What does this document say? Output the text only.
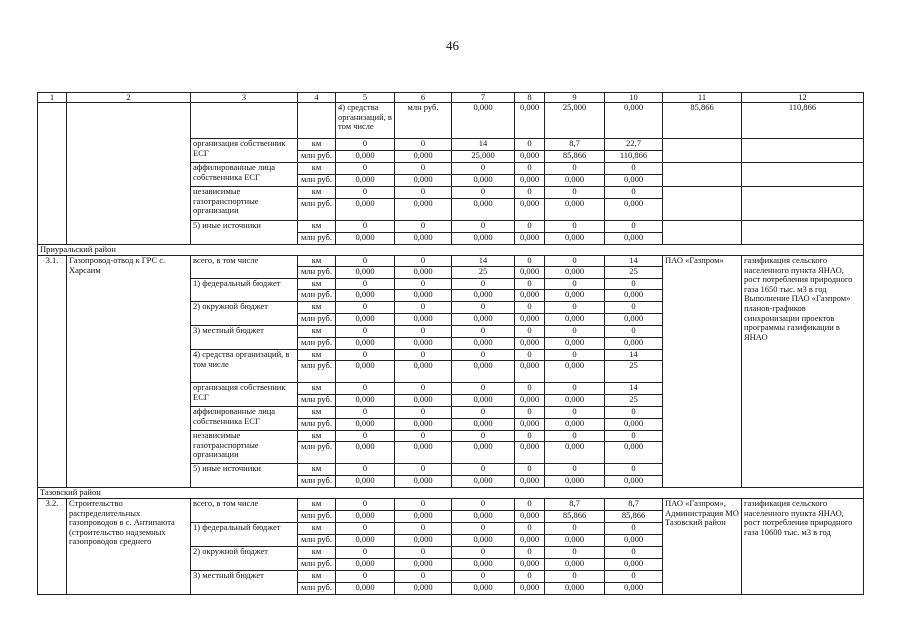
46
1	2	3	4	5	6	7	8	9	10	11	12
				4) средства организаций, в том числе	млн руб.	0,000	0,000	25,000	0,000	85,866	110,866
		организация собственник ЕСГ	км	0	0	14	0	8,7	22,7		
			млн руб.	0,000	0,000	25,000	0,000	85,866	110,866		
		аффилированные лица собственника ЕСГ	км	0	0	0	0	0	0		
			млн руб.	0,000	0,000	0,000	0,000	0,000	0,000		
		независимые газотранспортные организации	км	0	0	0	0	0	0		
			млн руб.	0,000	0,000	0,000	0,000	0,000	0,000		
		5) иные источники	км	0	0	0	0	0	0		
			млн руб.	0,000	0,000	0,000	0,000	0,000	0,000		
Приуральский район											
3.1.	Газопровод-отвод к ГРС с. Харсаим	всего, в том числе	км	0	0	14	0	0	14	ПАО «Газпром»	газификация сельского населенного пункта ЯНАО, рост потребления природного газа 1650 тыс. м3 в год Выполнение ПАО «Газпром» планов-графиков синхронизации проектов программы газификации в ЯНАО
			млн руб.	0,000	0,000	25	0,000	0,000	25		
		1) федеральный бюджет	км	0	0	0	0	0	0		
			млн руб.	0,000	0,000	0,000	0,000	0,000	0,000		
		2) окружной бюджет	км	0	0	0	0	0	0		
			млн руб.	0,000	0,000	0,000	0,000	0,000	0,000		
		3) местный бюджет	км	0	0	0	0	0	0		
			млн руб.	0,000	0,000	0,000	0,000	0,000	0,000		
		4) средства организаций, в том числе	км	0	0	0	0	0	14		
			млн руб.	0,000	0,000	0,000	0,000	0,000	25		
		организация собственник ЕСГ	км	0	0	0	0	0	14		
			млн руб.	0,000	0,000	0,000	0,000	0,000	25		
		аффилированные лица собственника ЕСГ	км	0	0	0	0	0	0		
			млн руб.	0,000	0,000	0,000	0,000	0,000	0,000		
		независимые газотранспортные организации	км	0	0	0	0	0	0		
			млн руб.	0,000	0,000	0,000	0,000	0,000	0,000		
		5) иные источники	км	0	0	0	0	0	0		
			млн руб.	0,000	0,000	0,000	0,000	0,000	0,000		
Тазовский район											
3.2.	Строительство распределительных газопроводов в с. Антипаюта (строительство надземных газопроводов среднего	всего, в том числе	км	0	0	0	0	8,7	8,7	ПАО «Газпром», Администрация МО Тазовский район	газификация сельского населенного пункта ЯНАО, рост потребления природного газа 10600 тыс. м3 в год
			млн руб.	0,000	0,000	0,000	0,000	85,866	85,866		
		1) федеральный бюджет	км	0	0	0	0	0	0		
			млн руб.	0,000	0,000	0,000	0,000	0,000	0,000		
		2) окружной бюджет	км	0	0	0	0	0	0		
			млн руб.	0,000	0,000	0,000	0,000	0,000	0,000		
		3) местный бюджет	км	0	0	0	0	0	0		
			млн руб.	0,000	0,000	0,000	0,000	0,000	0,000		
